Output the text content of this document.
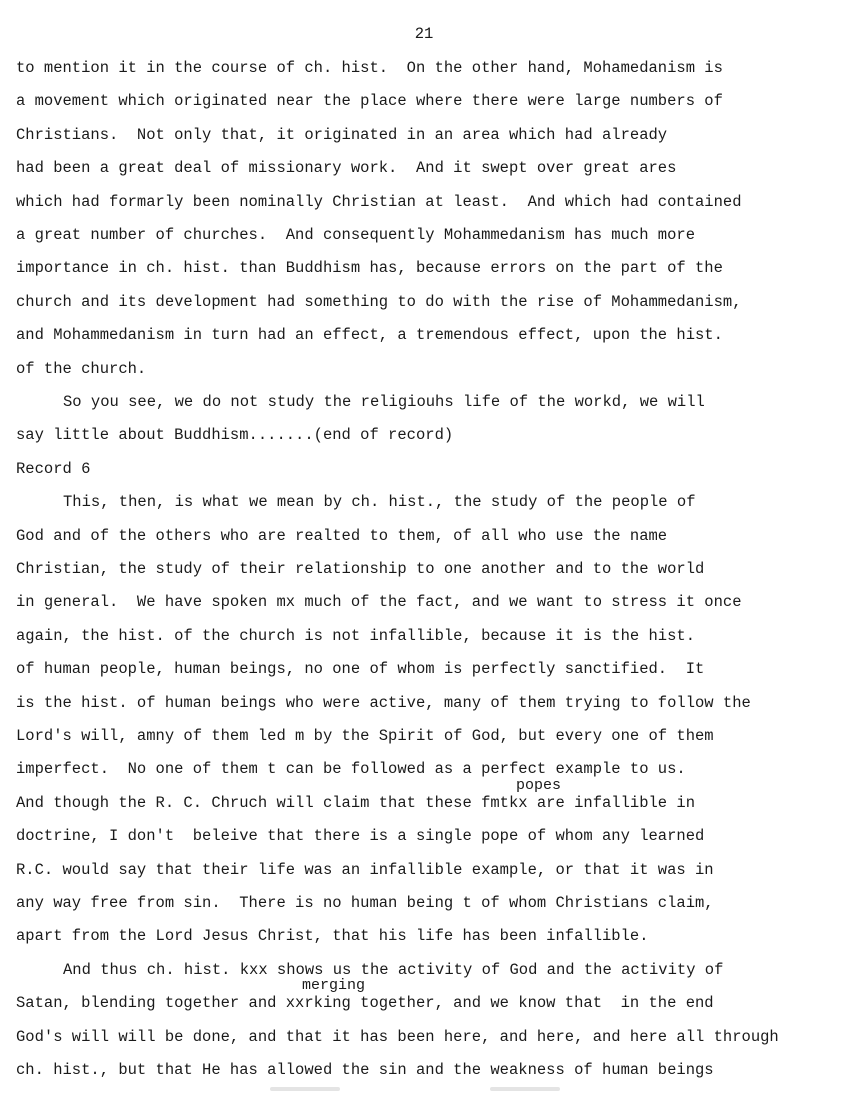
21
to mention it in the course of ch. hist.  On the other hand, Mohamedanism is
a movement which originated near the place where there were large numbers of
Christians.  Not only that, it originated in an area which had already
had been a great deal of missionary work.  And it swept over great ares
which had formarly been nominally Christian at least.  And which had contained
a great number of churches.  And consequently Mohammedanism has much more
importance in ch. hist. than Buddhism has, because errors on the part of the
church and its development had something to do with the rise of Mohammedanism,
and Mohammedanism in turn had an effect, a tremendous effect, upon the hist.
of the church.
So you see, we do not study the religiouhs life of the workd, we will
say little about Buddhism.......(end of record)
Record 6
This, then, is what we mean by ch. hist., the study of the people of
God and of the others who are realted to them, of all who use the name
Christian, the study of their relationship to one another and to the world
in general.  We have spoken mx much of the fact, and we want to stress it once
again, the hist. of the church is not infallible, because it is the hist.
of human people, human beings, no one of whom is perfectly sanctified.  It
is the hist. of human beings who were active, many of them trying to follow the
Lord's will, amny of them led m by the Spirit of God, but every one of them
imperfect.  No one of them t can be followed as a perfect example to us.
And though the R. C. Chruch will claim that these fmtkx are infallible in
doctrine, I don't  beleive that there is a single pope of whom any learned
R.C. would say that their life was an infallible example, or that it was in
any way free from sin.  There is no human being t of whom Christians claim,
apart from the Lord Jesus Christ, that his life has been infallible.
And thus ch. hist. kxx shows us the activity of God and the activity of
Satan, blending together and xxrking together, and we know that  in the end
God's will will be done, and that it has been here, and here, and here all through
ch. hist., but that He has allowed the sin and the weakness of human beings
popes
merging
